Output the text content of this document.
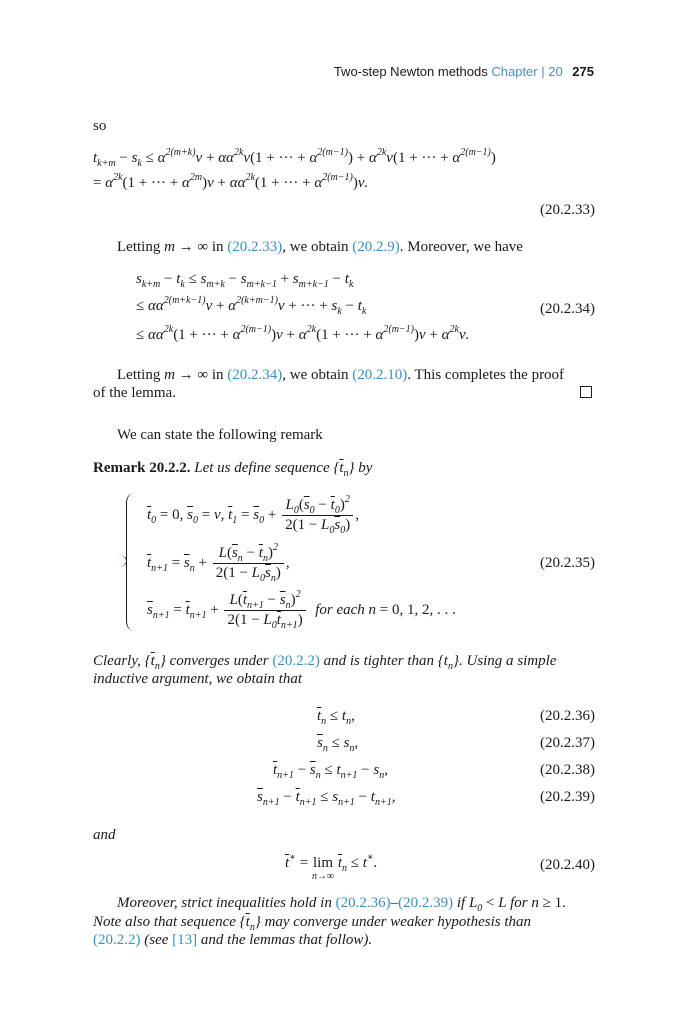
Two-step Newton methods Chapter | 20 275
so
$t_{k+m} - s_k \le \alpha^{2(m+k)}\nu + \alpha\alpha^{2k}\nu(1$ + ··· + $\alpha^{2(m-1)}) + \alpha^{2k}\nu(1$ + ··· + $\alpha^{2(m-1)}$)
= $\alpha^{2k}(1$ + ··· + $\alpha^{2m})\nu + \alpha\alpha^{2k}(1$ + ··· + $\alpha^{2(m-1)})\nu$.
(20.2.33)
Letting m → ∞ in (20.2.33), we obtain (20.2.9). Moreover, we have
$s_{k+m} - t_k \le s_{m+k} - s_{m+k-1} + s_{m+k-1} - t_k$
≤ $\alpha\alpha^{2(m+k-1)}\nu + \alpha^{2(k+m-1)}\nu$ + ··· + $s_k - t_k$	(20.2.34)
≤ $\alpha\alpha^{2k}(1$ + ··· + $\alpha^{2(m-1)})\nu + \alpha^{2k}(1$ + ··· + $\alpha^{2(m-1)})\nu + \alpha^{2k}\nu$.
Letting m → ∞ in (20.2.34), we obtain (20.2.10). This completes the proof
of the lemma.
We can state the following remark
Remark 20.2.2. Let us define sequence $\{\overline{t}_n\}$ by
$\overline{t}_0 = 0$, $\overline{s}_0 = \nu$, $\overline{t}_1 = \overline{s}_0 + \frac{L_0(\overline{s}_0 - \overline{t}_0)^2}{2(1 - L_0\overline{s}_0)}$ ,
$\overline{t}_{n+1} = \overline{s}_n + \frac{L(\overline{s}_n - \overline{t}_n)^2}{2(1 - L_0\overline{s}_n)}$ ,	(20.2.35)
$\overline{s}_{n+1} = \overline{t}_{n+1} + \frac{L(\overline{t}_{n+1} - \overline{s}_n)^2}{2(1 - L_0\overline{t}_{n+1})}$ for each n = 0, 1, 2, . . .
Clearly, $\{\overline{t}_n\}$ converges under (20.2.2) and is tighter than $\{t_n\}$. Using a simple
inductive argument, we obtain that
$\overline{t}_n \le t_n$,	(20.2.36)
$\overline{s}_n \le s_n$,	(20.2.37)
$\overline{t}_{n+1} - \overline{s}_n \le t_{n+1} - s_n$,	(20.2.38)
$\overline{s}_{n+1} - \overline{t}_{n+1} \le s_{n+1} - t_{n+1}$,	(20.2.39)
and
$\overline{t}^∗ = \lim$
n→∞
$\overline{t}_n \le t^∗$.	(20.2.40)
Moreover, strict inequalities hold in (20.2.36)–(20.2.39) if $L_0 < L$ for n ≥ 1.
Note also that sequence $\{\overline{t}_n\}$ may converge under weaker hypothesis than
(20.2.2) (see [13] and the lemmas that follow).
